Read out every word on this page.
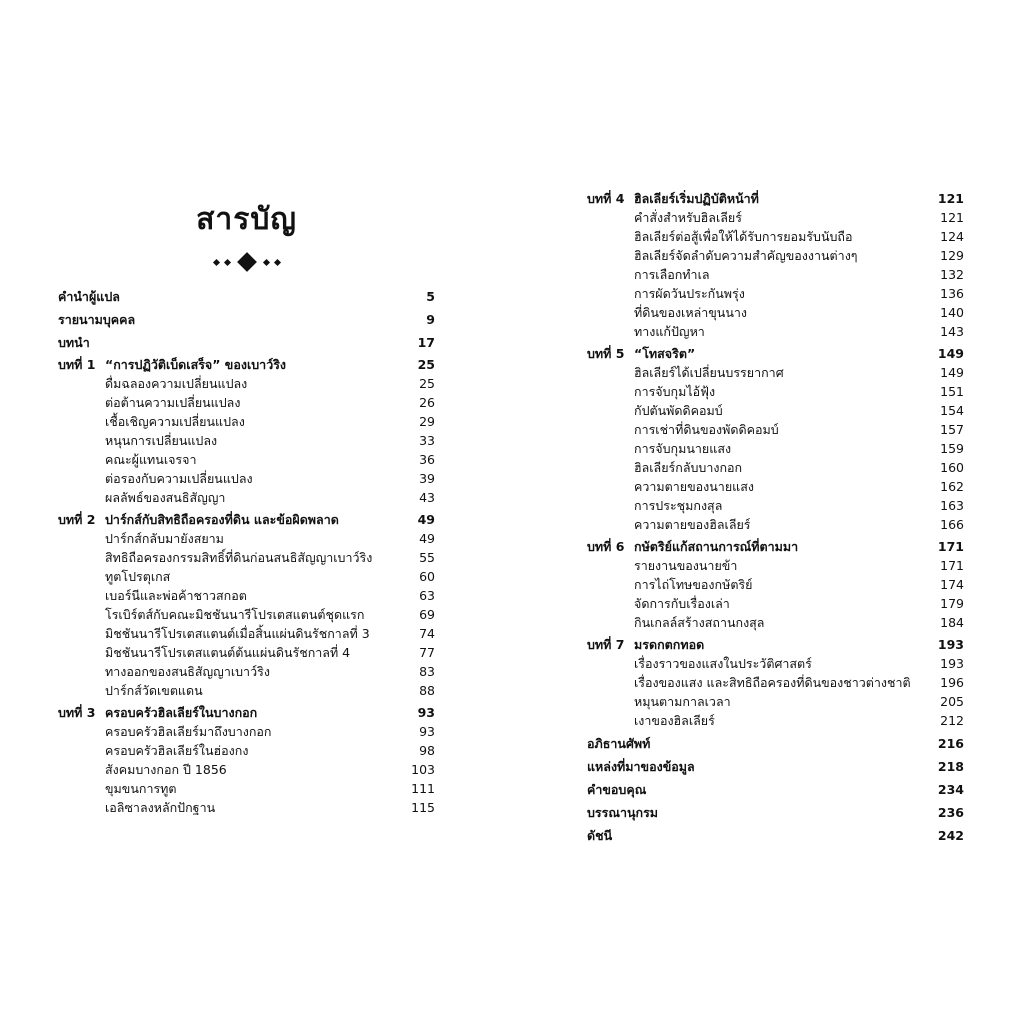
สารบัญ
คำนำผู้แปล	5
รายนามบุคคล	9
บทนำ	17
บทที่ 1 “การปฏิวัติเบ็ดเสร็จ” ของเบาว์ริง	25
ดื่มฉลองความเปลี่ยนแปลง	25
ต่อต้านความเปลี่ยนแปลง	26
เชื้อเชิญความเปลี่ยนแปลง	29
หนุนการเปลี่ยนแปลง	33
คณะผู้แทนเจรจา	36
ต่อรองกับความเปลี่ยนแปลง	39
ผลลัพธ์ของสนธิสัญญา	43
บทที่ 2 ปาร์กส์กับสิทธิถือครองที่ดิน และข้อผิดพลาด	49
ปาร์กส์กลับมายังสยาม	49
สิทธิถือครองกรรมสิทธิ์ที่ดินก่อนสนธิสัญญาเบาว์ริง	55
ทูตโปรตุเกส	60
เบอร์นีและพ่อค้าชาวสกอต	63
โรเบิร์ตส์กับคณะมิชชันนารีโปรเตสแตนต์ชุดแรก	69
มิชชันนารีโปรเตสแตนต์เมื่อสิ้นแผ่นดินรัชกาลที่ 3	74
มิชชันนารีโปรเตสแตนต์ต้นแผ่นดินรัชกาลที่ 4	77
ทางออกของสนธิสัญญาเบาว์ริง	83
ปาร์กส์วัดเขตแดน	88
บทที่ 3 ครอบครัวฮิลเลียร์ในบางกอก	93
ครอบครัวฮิลเลียร์มาถึงบางกอก	93
ครอบครัวฮิลเลียร์ในฮ่องกง	98
สังคมบางกอก ปี 1856	103
ขุมขนการทูต	111
เอลิซาลงหลักปักฐาน	115
บทที่ 4 ฮิลเลียร์เริ่มปฏิบัติหน้าที่	121
คำสั่งสำหรับฮิลเลียร์	121
ฮิลเลียร์ต่อสู้เพื่อให้ได้รับการยอมรับนับถือ	124
ฮิลเลียร์จัดลำดับความสำคัญของงานต่างๆ	129
การเลือกทำเล	132
การผัดวันประกันพรุ่ง	136
ที่ดินของเหล่าขุนนาง	140
ทางแก้ปัญหา	143
บทที่ 5 “โทสจริต”	149
ฮิลเลียร์ได้เปลี่ยนบรรยากาศ	149
การจับกุมไอ้ฟุ้ง	151
กัปตันพัดดิคอมบ์	154
การเช่าที่ดินของพัดดิคอมบ์	157
การจับกุมนายแสง	159
ฮิลเลียร์กลับบางกอก	160
ความตายของนายแสง	162
การประชุมกงสุล	163
ความตายของฮิลเลียร์	166
บทที่ 6 กษัตริย์แก้สถานการณ์ที่ตามมา	171
รายงานของนายข้า	171
การไถ่โทษของกษัตริย์	174
จัดการกับเรื่องเล่า	179
กินเกลล์สร้างสถานกงสุล	184
บทที่ 7 มรดกตกทอด	193
เรื่องราวของแสงในประวัติศาสตร์	193
เรื่องของแสง และสิทธิถือครองที่ดินของชาวต่างชาติ	196
หมุนตามกาลเวลา	205
เงาของฮิลเลียร์	212
อภิธานศัพท์	216
แหล่งที่มาของข้อมูล	218
คำขอบคุณ	234
บรรณานุกรม	236
ดัชนี	242
